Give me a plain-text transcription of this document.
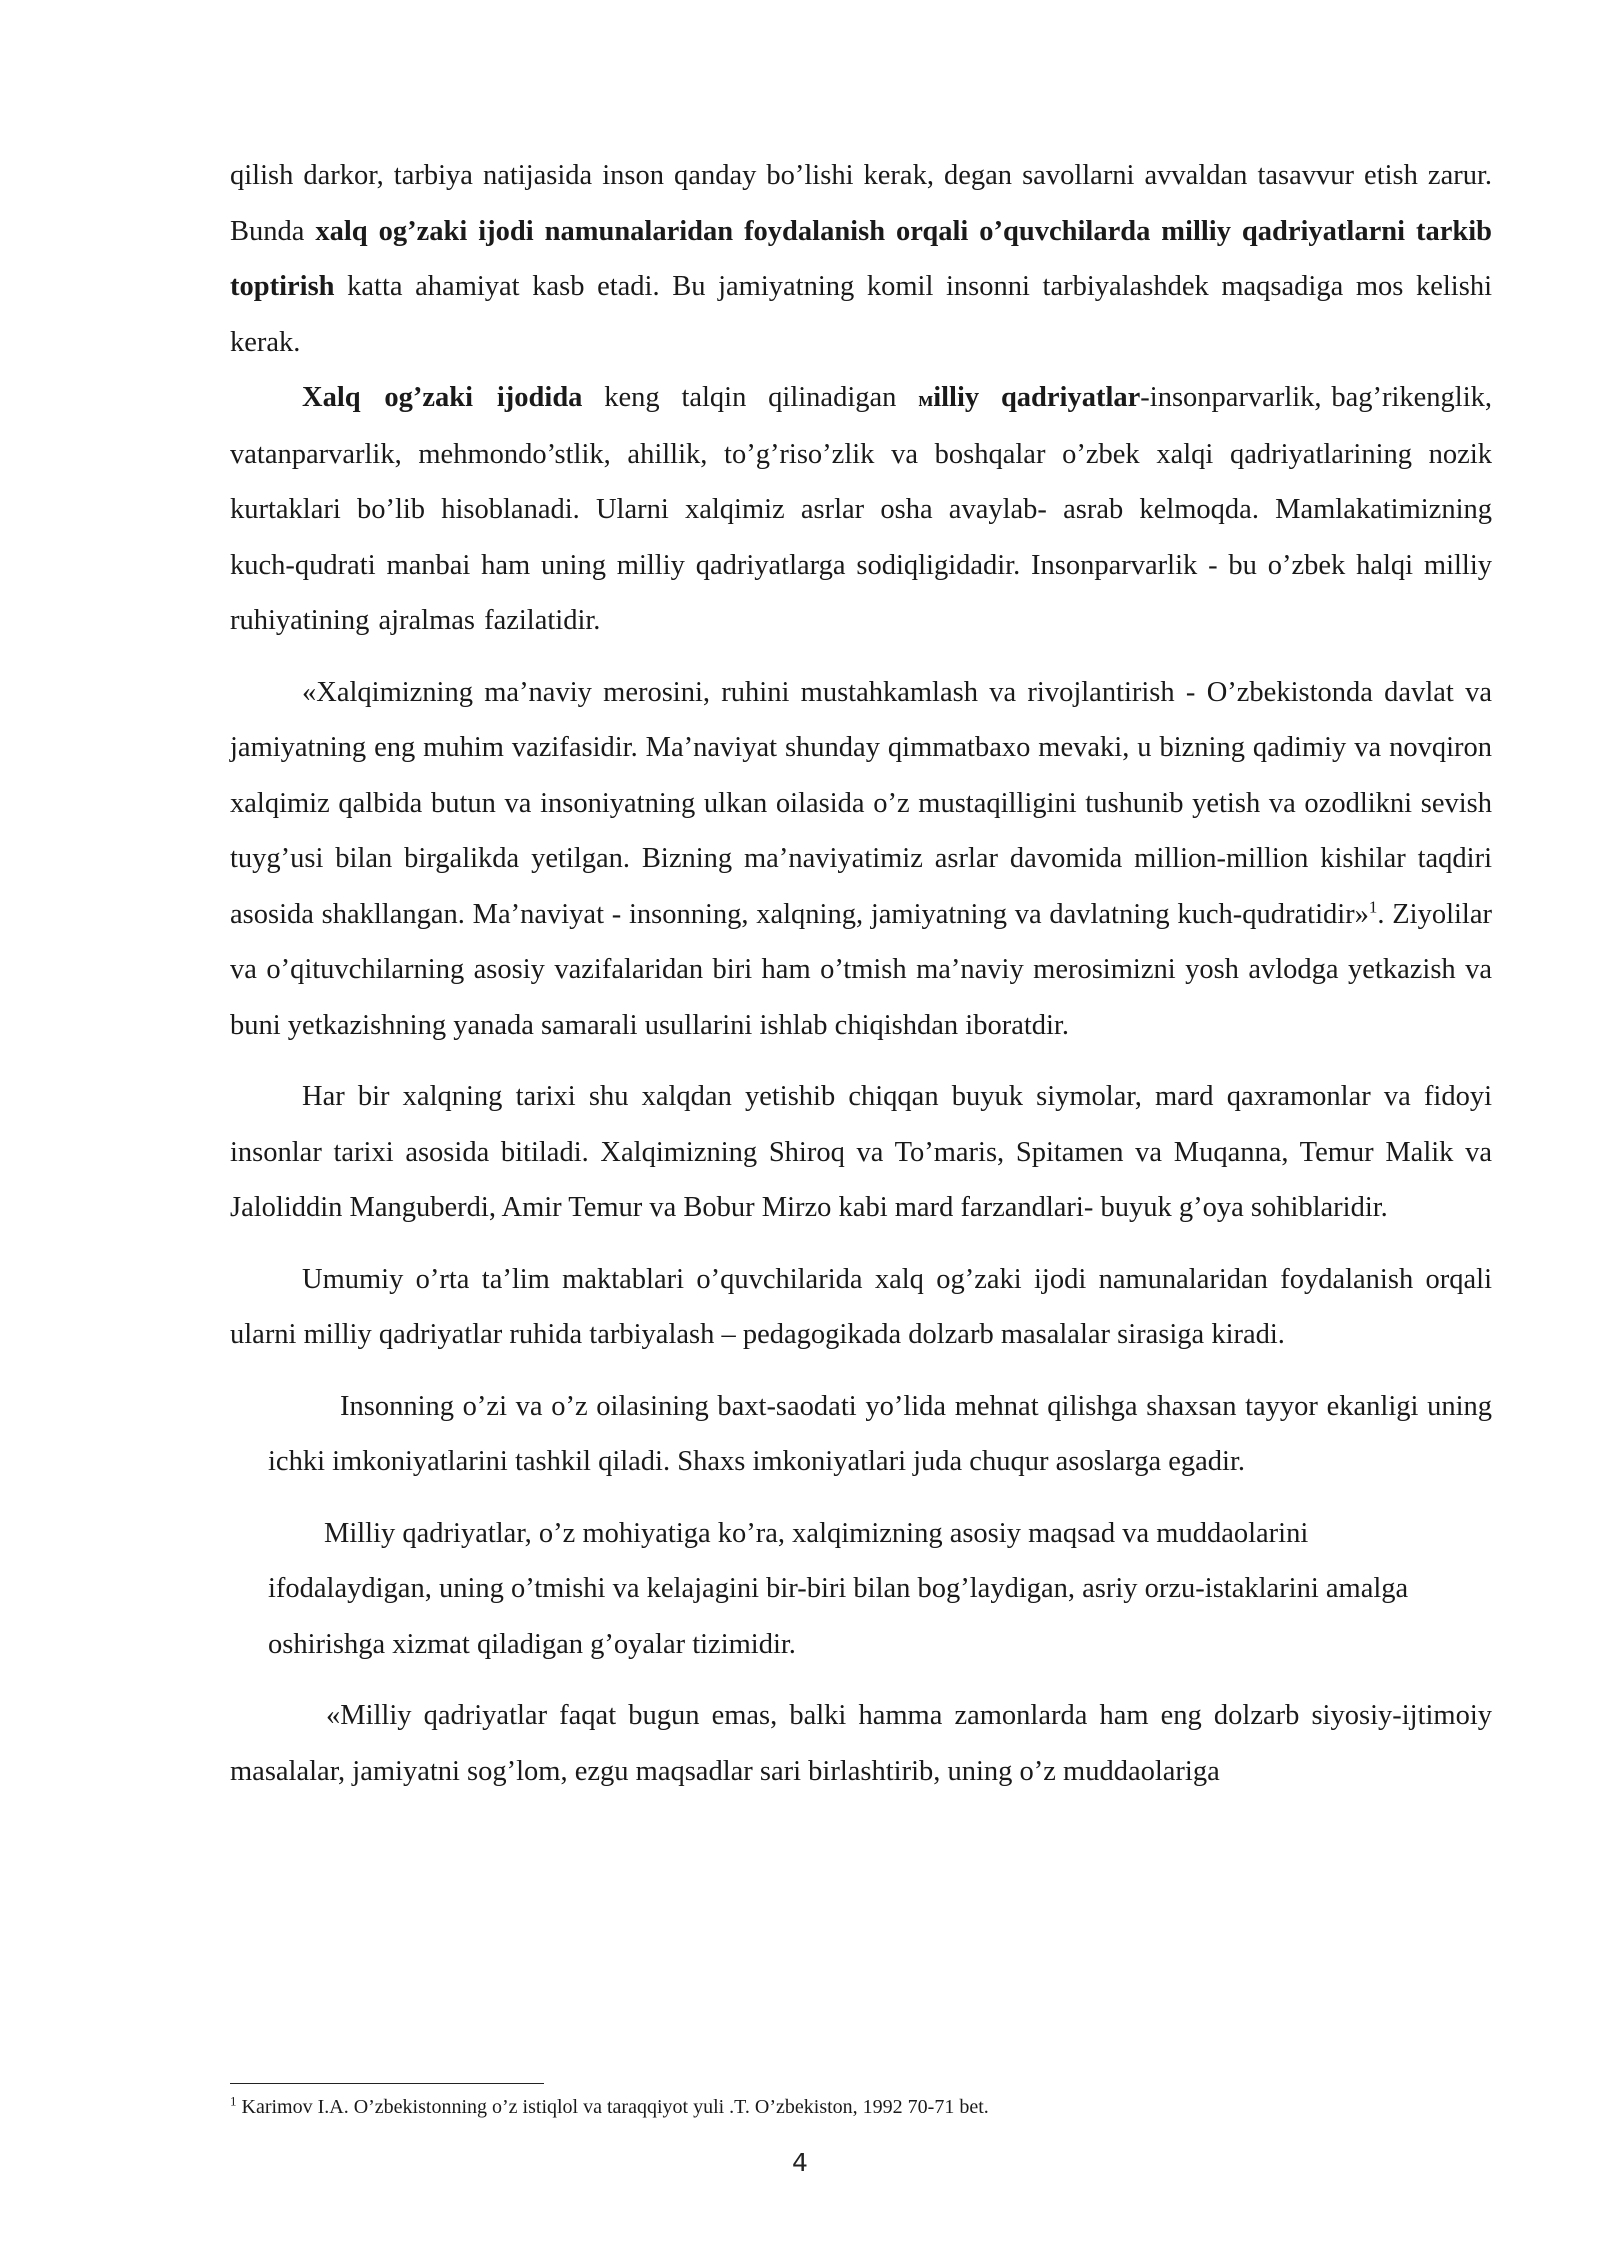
qilish darkor, tarbiya natijasida inson qanday bo’lishi kerak, degan savollarni avvaldan tasavvur etish zarur. Bunda xalq og’zaki ijodi namunalaridan foydalanish orqali o’quvchilarda milliy qadriyatlarni tarkib toptirish katta ahamiyat kasb etadi. Bu jamiyatning komil insonni tarbiyalashdek maqsadiga mos kelishi kerak.

Xalq og’zaki ijodida keng talqin qilinadigan мilliy qadriyatlar-insonparvarlik, bag’rikenglik, vatanparvarlik, mehmondo’stlik, ahillik, to’g’riso’zlik va boshqalar o’zbek xalqi qadriyatlarining nozik kurtaklari bo’lib hisoblanadi. Ularni xalqimiz asrlar osha avaylab- asrab kelmoqda. Mamlakatimizning kuch-qudrati manbai ham uning milliy qadriyatlarga sodiqligidadir. Insonparvarlik - bu o’zbek halqi milliy ruhiyatining ajralmas fazilatidir.

«Xalqimizning ma’naviy merosini, ruhini mustahkamlash va rivojlantirish - O’zbekistonda davlat va jamiyatning eng muhim vazifasidir. Ma’naviyat shunday qimmatbaxo mevaki, u bizning qadimiy va novqiron xalqimiz qalbida butun va insoniyatning ulkan oilasida o’z mustaqilligini tushunib yetish va ozodlikni sevish tuyg’usi bilan birgalikda yetilgan. Bizning ma’naviyatimiz asrlar davomida million-million kishilar taqdiri asosida shakllangan. Ma’naviyat - insonning, xalqning, jamiyatning va davlatning kuch-qudratidir»$^1$. Ziyolilar va o’qituvchilarning asosiy vazifalaridan biri ham o’tmish ma’naviy merosimizni yosh avlodga yetkazish va buni yetkazishning yanada samarali usullarini ishlab chiqishdan iboratdir.

Har bir xalqning tarixi shu xalqdan yetishib chiqqan buyuk siymolar, mard qaxramonlar va fidoyi insonlar tarixi asosida bitiladi. Xalqimizning Shiroq va To’maris, Spitamen va Muqanna, Temur Malik va Jaloliddin Manguberdi, Amir Temur va Bobur Mirzo kabi mard farzandlari- buyuk g’oya sohiblaridir.

Umumiy o’rta ta’lim maktablari o’quvchilarida xalq og’zaki ijodi namunalaridan foydalanish orqali ularni milliy qadriyatlar ruhida tarbiyalash – pedagogikada dolzarb masalalar sirasiga kiradi.

Insonning o’zi va o’z oilasining baxt-saodati yo’lida mehnat qilishga shaxsan tayyor ekanligi uning ichki imkoniyatlarini tashkil qiladi. Shaxs imkoniyatlari juda chuqur asoslarga egadir.

Milliy qadriyatlar, o’z mohiyatiga ko’ra, xalqimizning asosiy maqsad va muddaolarini ifodalaydigan, uning o’tmishi va kelajagini bir-biri bilan bog’laydigan, asriy orzu-istaklarini amalga oshirishga xizmat qiladigan g’oyalar tizimidir.

«Milliy qadriyatlar faqat bugun emas, balki hamma zamonlarda ham eng dolzarb siyosiy-ijtimoiy masalalar, jamiyatni sog’lom, ezgu maqsadlar sari birlashtirib, uning o’z muddaolariga

$^1$ Karimov I.A. O’zbekistonning o’z istiqlol va taraqqiyot yuli .T. O’zbekiston, 1992 70-71 bet.
4
